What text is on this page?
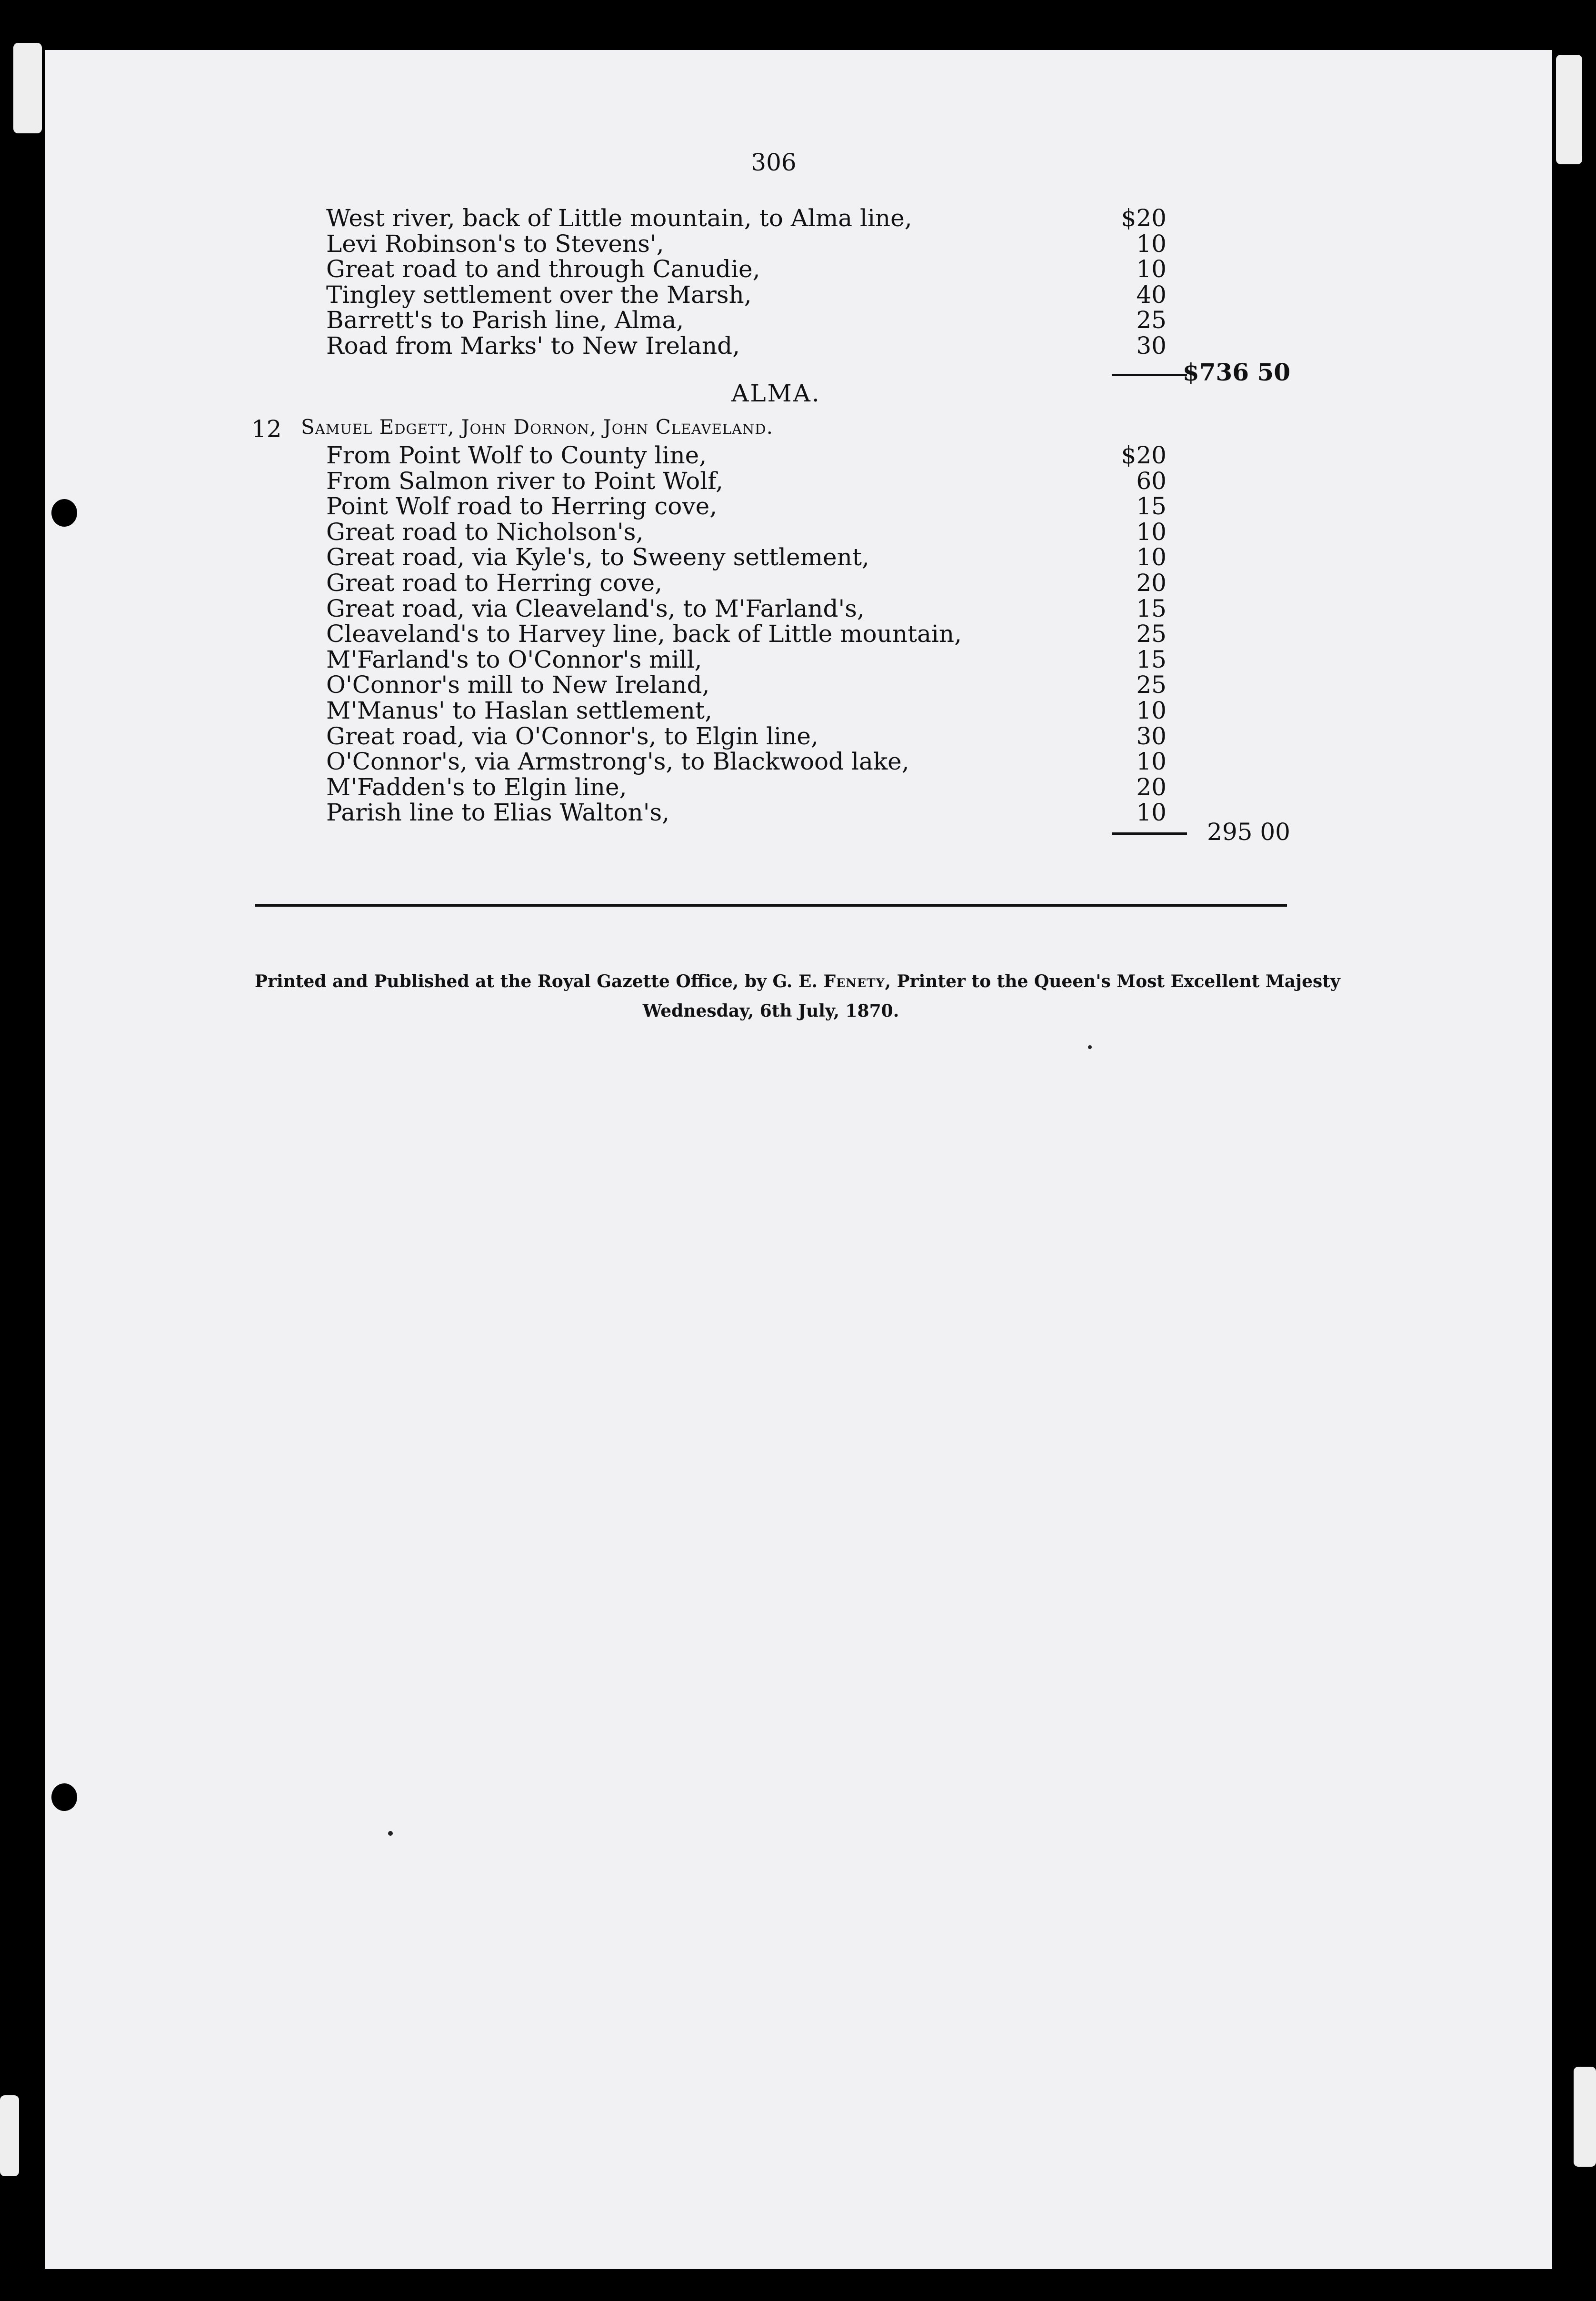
306
West river, back of Little mountain, to Alma line,	$20
Levi Robinson's to Stevens',	10
Great road to and through Canudie,	10
Tingley settlement over the Marsh,	40
Barrett's to Parish line, Alma,	25
Road from Marks' to New Ireland,	30
$736 50
ALMA.
12 Samuel Edgett, John Dornon, John Cleaveland.
From Point Wolf to County line,	$20
From Salmon river to Point Wolf,	60
Point Wolf road to Herring cove,	15
Great road to Nicholson's,	10
Great road, via Kyle's, to Sweeny settlement,	10
Great road to Herring cove,	20
Great road, via Cleaveland's, to M'Farland's,	15
Cleaveland's to Harvey line, back of Little mountain,	25
M'Farland's to O'Connor's mill,	15
O'Connor's mill to New Ireland,	25
M'Manus' to Haslan settlement,	10
Great road, via O'Connor's, to Elgin line,	30
O'Connor's, via Armstrong's, to Blackwood lake,	10
M'Fadden's to Elgin line,	20
Parish line to Elias Walton's,	10
295 00
Printed and Published at the Royal Gazette Office, by G. E. Fenety, Printer to the Queen's Most Excellent Majesty
Wednesday, 6th July, 1870.
